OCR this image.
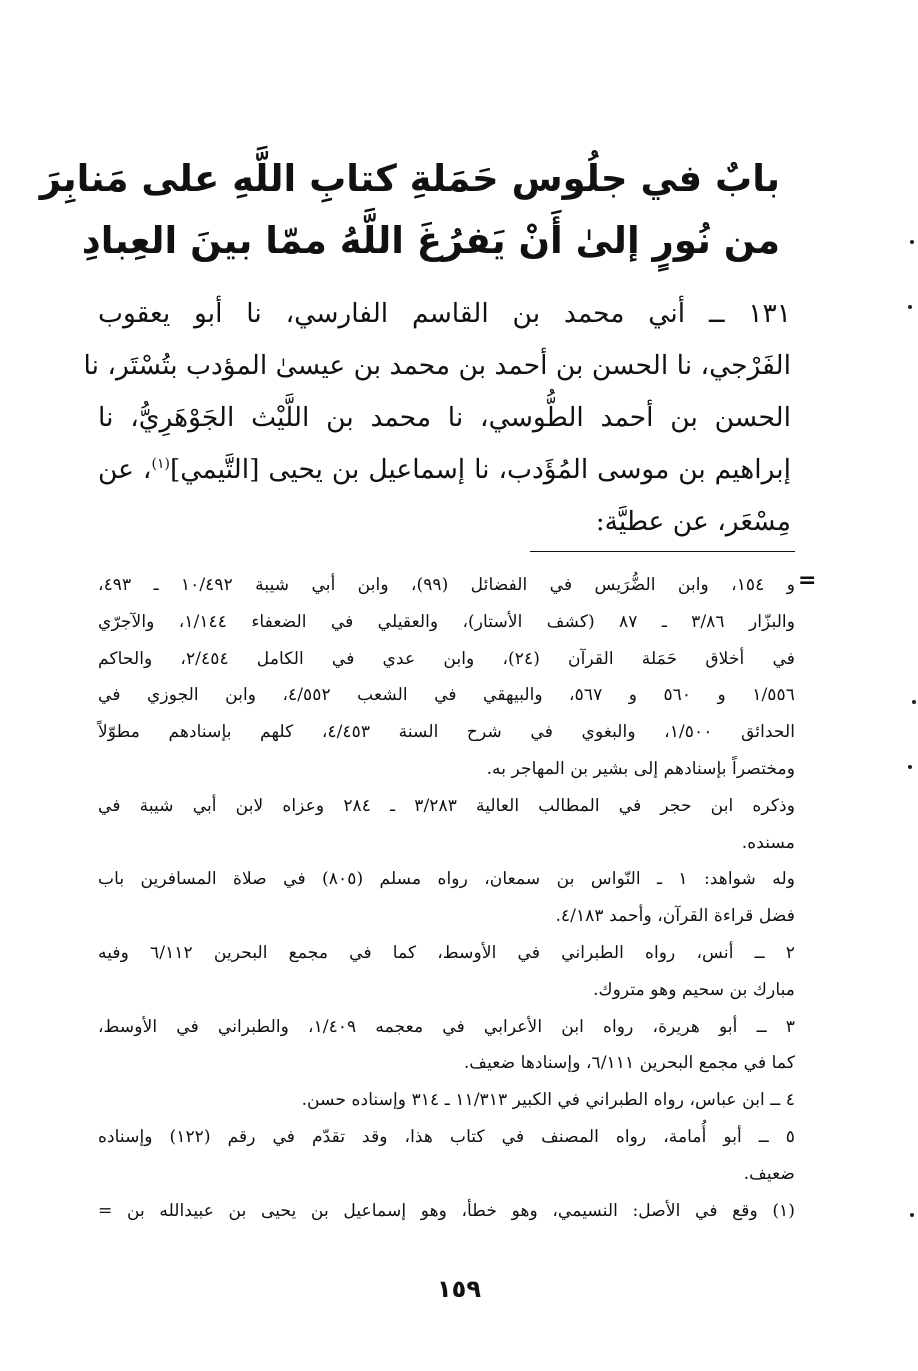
بابٌ في جلُوس حَمَلةِ كتابِ اللَّهِ على مَنابِرَ
من نُورٍ إلىٰ أَنْ يَفرُغَ اللَّهُ ممّا بينَ العِبادِ
١٣١ ــ أني محمد بن القاسم الفارسي، نا أبو يعقوب
الفَرْجي، نا الحسن بن أحمد بن محمد بن عيسىٰ المؤدب بتُسْتَر، نا
الحسن بن أحمد الطُّوسي، نا محمد بن اللَّيْث الجَوْهَرِيُّ، نا
إبراهيم بن موسى المُؤَدب، نا إسماعيل بن يحيى [التَّيمي]$^{(١)}$، عن
مِسْعَر، عن عطيَّة:
=
و ١٥٤، وابن الضُّرَيس في الفضائل (٩٩)، وابن أبي شيبة ١٠/٤٩٢ ـ ٤٩٣،
والبزّار ٣/٨٦ ـ ٨٧ (كشف الأستار)، والعقيلي في الضعفاء ١/١٤٤، والآجرّي
في أخلاق حَمَلة القرآن (٢٤)، وابن عدي في الكامل ٢/٤٥٤، والحاكم
١/٥٥٦ و ٥٦٠ و ٥٦٧، والبيهقي في الشعب ٤/٥٥٢، وابن الجوزي في
الحدائق ١/٥٠٠، والبغوي في شرح السنة ٤/٤٥٣، كلهم بإسنادهم مطوّلاً
ومختصراً بإسنادهم إلى بشير بن المهاجر به.
وذكره ابن حجر في المطالب العالية ٣/٢٨٣ ـ ٢٨٤ وعزاه لابن أبي شيبة في
مسنده.
وله شواهد: ١ ـ النّواس بن سمعان، رواه مسلم (٨٠٥) في صلاة المسافرين باب
فضل قراءة القرآن، وأحمد ٤/١٨٣.
٢ ــ أنس، رواه الطبراني في الأوسط، كما في مجمع البحرين ٦/١١٢ وفيه
مبارك بن سحيم وهو متروك.
٣ ــ أبو هريرة، رواه ابن الأعرابي في معجمه ١/٤٠٩، والطبراني في الأوسط،
كما في مجمع البحرين ٦/١١١، وإسنادها ضعيف.
٤ ــ ابن عباس، رواه الطبراني في الكبير ١١/٣١٣ ـ ٣١٤ وإسناده حسن.
٥ ــ أبو أُمامة، رواه المصنف في كتاب هذا، وقد تقدّم في رقم (١٢٢) وإسناده
ضعيف.
(١) وقع في الأصل: النسيمي، وهو خطأ، وهو إسماعيل بن يحيى بن عبيدالله بن =
١٥٩
